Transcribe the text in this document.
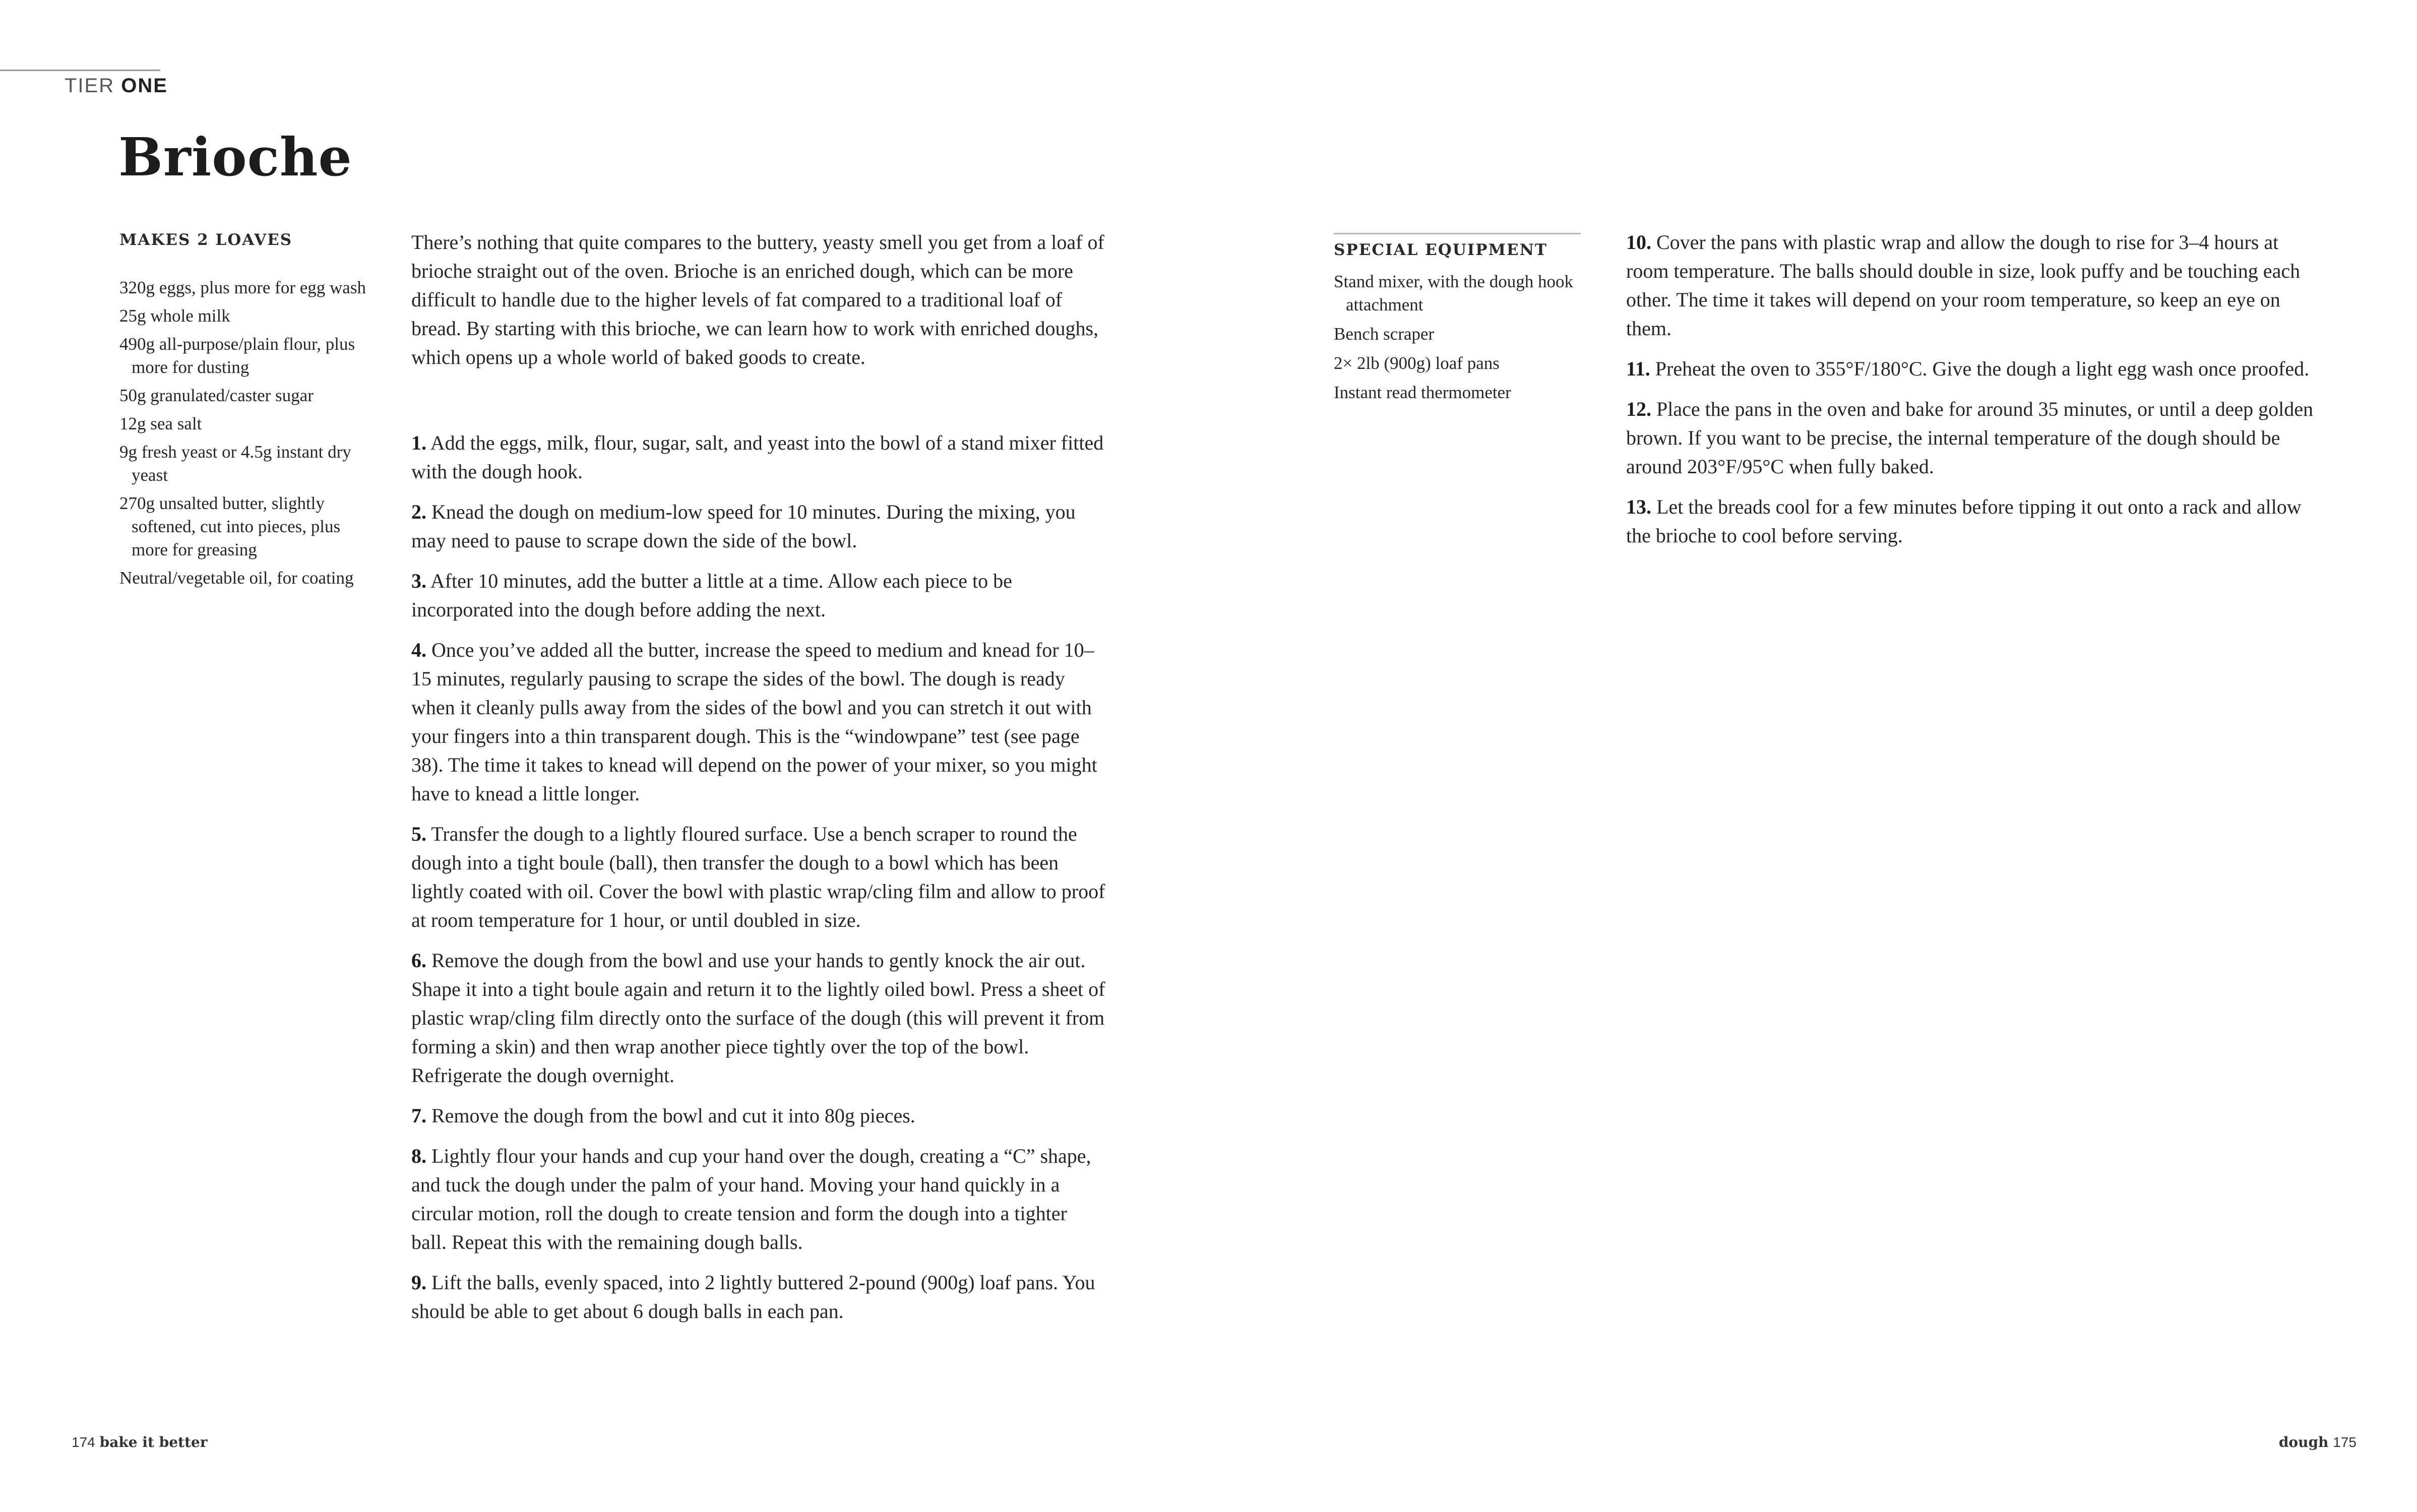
TIER ONE
Brioche
MAKES 2 LOAVES
320g eggs, plus more for egg wash
25g whole milk
490g all-purpose/plain flour, plus more for dusting
50g granulated/caster sugar
12g sea salt
9g fresh yeast or 4.5g instant dry yeast
270g unsalted butter, slightly softened, cut into pieces, plus more for greasing
Neutral/vegetable oil, for coating

There’s nothing that quite compares to the buttery, yeasty smell you get from a loaf of brioche straight out of the oven. Brioche is an enriched dough, which can be more difficult to handle due to the higher levels of fat compared to a traditional loaf of bread. By starting with this brioche, we can learn how to work with enriched doughs, which opens up a whole world of baked goods to create.

1. Add the eggs, milk, flour, sugar, salt, and yeast into the bowl of a stand mixer fitted with the dough hook.
2. Knead the dough on medium-low speed for 10 minutes. During the mixing, you may need to pause to scrape down the side of the bowl.
3. After 10 minutes, add the butter a little at a time. Allow each piece to be incorporated into the dough before adding the next.
4. Once you’ve added all the butter, increase the speed to medium and knead for 10–15 minutes, regularly pausing to scrape the sides of the bowl. The dough is ready when it cleanly pulls away from the sides of the bowl and you can stretch it out with your fingers into a thin transparent dough. This is the “windowpane” test (see page 38). The time it takes to knead will depend on the power of your mixer, so you might have to knead a little longer.
5. Transfer the dough to a lightly floured surface. Use a bench scraper to round the dough into a tight boule (ball), then transfer the dough to a bowl which has been lightly coated with oil. Cover the bowl with plastic wrap/cling film and allow to proof at room temperature for 1 hour, or until doubled in size.
6. Remove the dough from the bowl and use your hands to gently knock the air out. Shape it into a tight boule again and return it to the lightly oiled bowl. Press a sheet of plastic wrap/cling film directly onto the surface of the dough (this will prevent it from forming a skin) and then wrap another piece tightly over the top of the bowl. Refrigerate the dough overnight.
7. Remove the dough from the bowl and cut it into 80g pieces.
8. Lightly flour your hands and cup your hand over the dough, creating a “C” shape, and tuck the dough under the palm of your hand. Moving your hand quickly in a circular motion, roll the dough to create tension and form the dough into a tighter ball. Repeat this with the remaining dough balls.
9. Lift the balls, evenly spaced, into 2 lightly buttered 2-pound (900g) loaf pans. You should be able to get about 6 dough balls in each pan.
SPECIAL EQUIPMENT
Stand mixer, with the dough hook attachment
Bench scraper
2× 2lb (900g) loaf pans
Instant read thermometer
10. Cover the pans with plastic wrap and allow the dough to rise for 3–4 hours at room temperature. The balls should double in size, look puffy and be touching each other. The time it takes will depend on your room temperature, so keep an eye on them.
11. Preheat the oven to 355°F/180°C. Give the dough a light egg wash once proofed.
12. Place the pans in the oven and bake for around 35 minutes, or until a deep golden brown. If you want to be precise, the internal temperature of the dough should be around 203°F/95°C when fully baked.
13. Let the breads cool for a few minutes before tipping it out onto a rack and allow the brioche to cool before serving.
174 bake it better	dough 175
